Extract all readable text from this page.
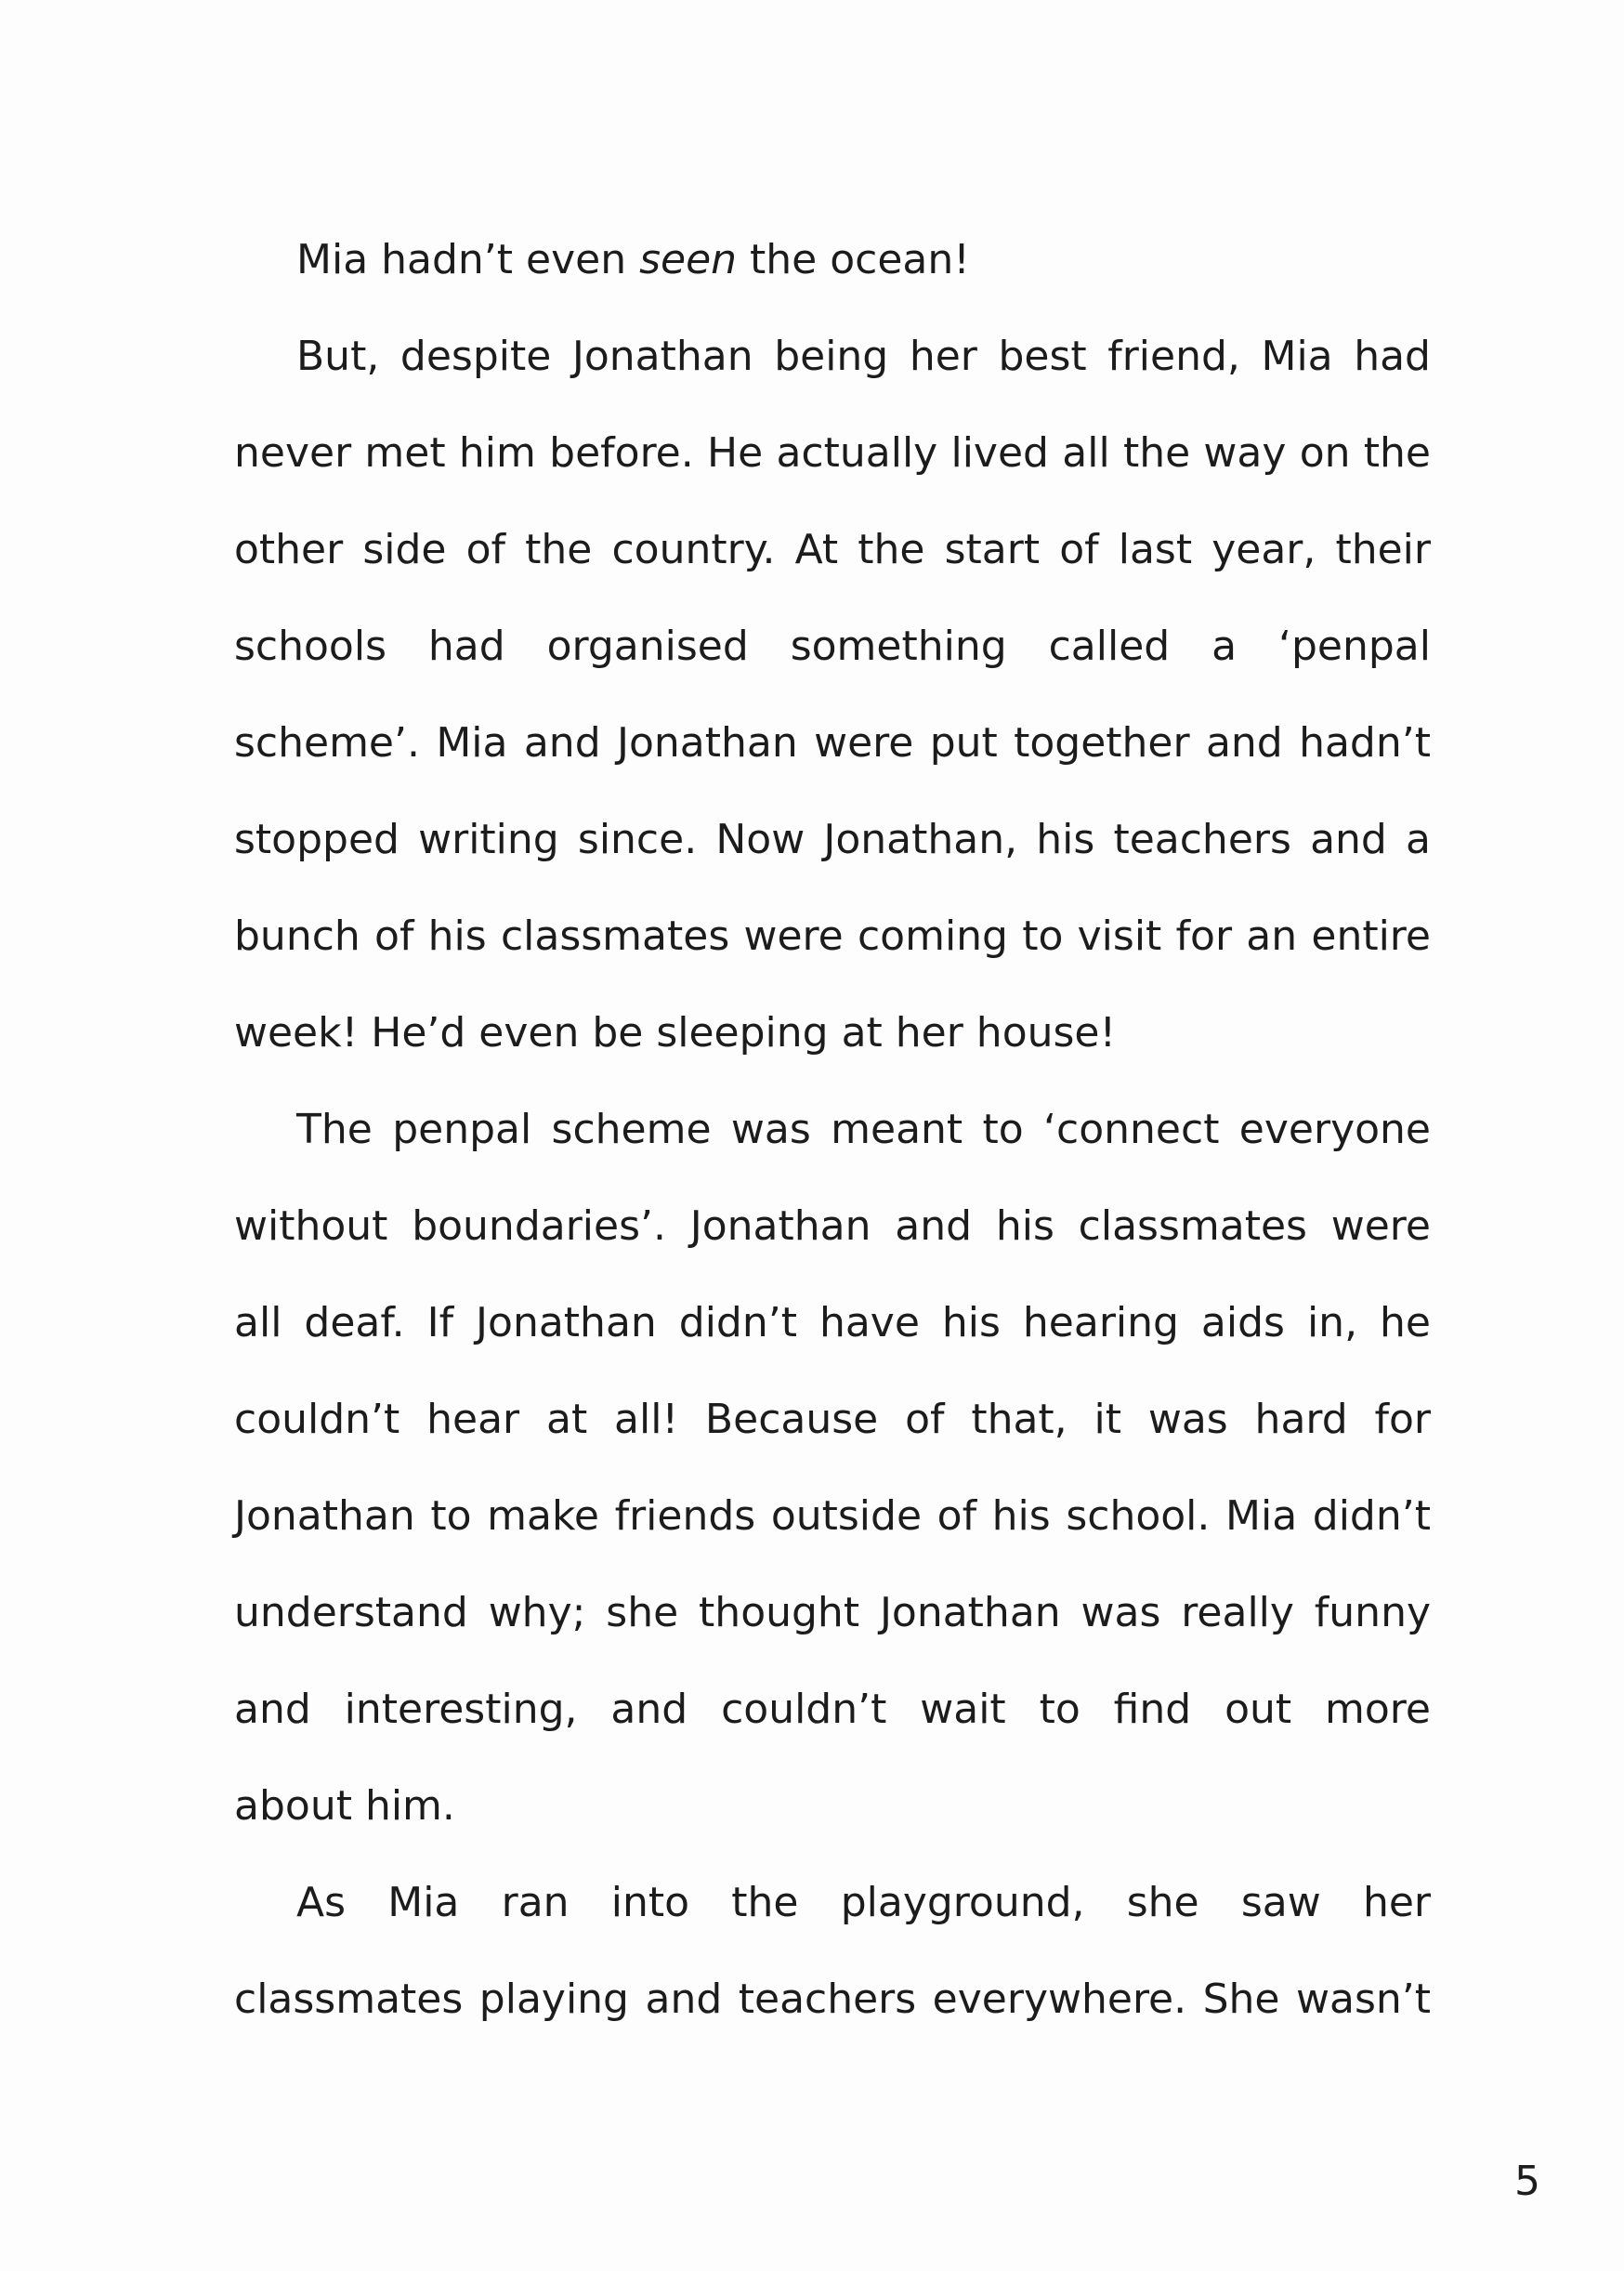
Mia hadn’t even seen the ocean!
But, despite Jonathan being her best friend, Mia had
never met him before. He actually lived all the way on the
other side of the country. At the start of last year, their
schools had organised something called a ‘penpal
scheme’. Mia and Jonathan were put together and hadn’t
stopped writing since. Now Jonathan, his teachers and a
bunch of his classmates were coming to visit for an entire
week! He’d even be sleeping at her house!
The penpal scheme was meant to ‘connect everyone
without boundaries’. Jonathan and his classmates were
all deaf. If Jonathan didn’t have his hearing aids in, he
couldn’t hear at all! Because of that, it was hard for
Jonathan to make friends outside of his school. Mia didn’t
understand why; she thought Jonathan was really funny
and interesting, and couldn’t wait to find out more
about him.
As Mia ran into the playground, she saw her
classmates playing and teachers everywhere. She wasn’t
5
